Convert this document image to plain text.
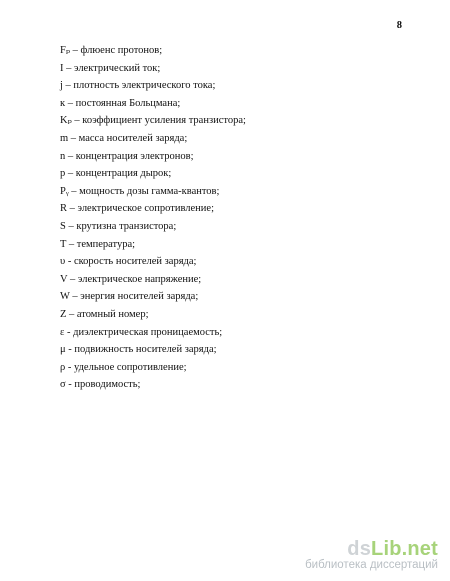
8
Fₚ – флюенс протонов;
I – электрический ток;
j – плотность электрического тока;
к – постоянная Больцмана;
Kₚ – коэффициент усиления транзистора;
m – масса носителей заряда;
n – концентрация электронов;
p – концентрация дырок;
Pᵧ – мощность дозы гамма-квантов;
R – электрическое сопротивление;
S – крутизна транзистора;
T – температура;
υ - скорость носителей заряда;
V – электрическое напряжение;
W – энергия носителей заряда;
Z – атомный номер;
ε - диэлектрическая проницаемость;
μ - подвижность носителей заряда;
ρ - удельное сопротивление;
σ - проводимость;
dsLib.net
библиотека диссертаций
